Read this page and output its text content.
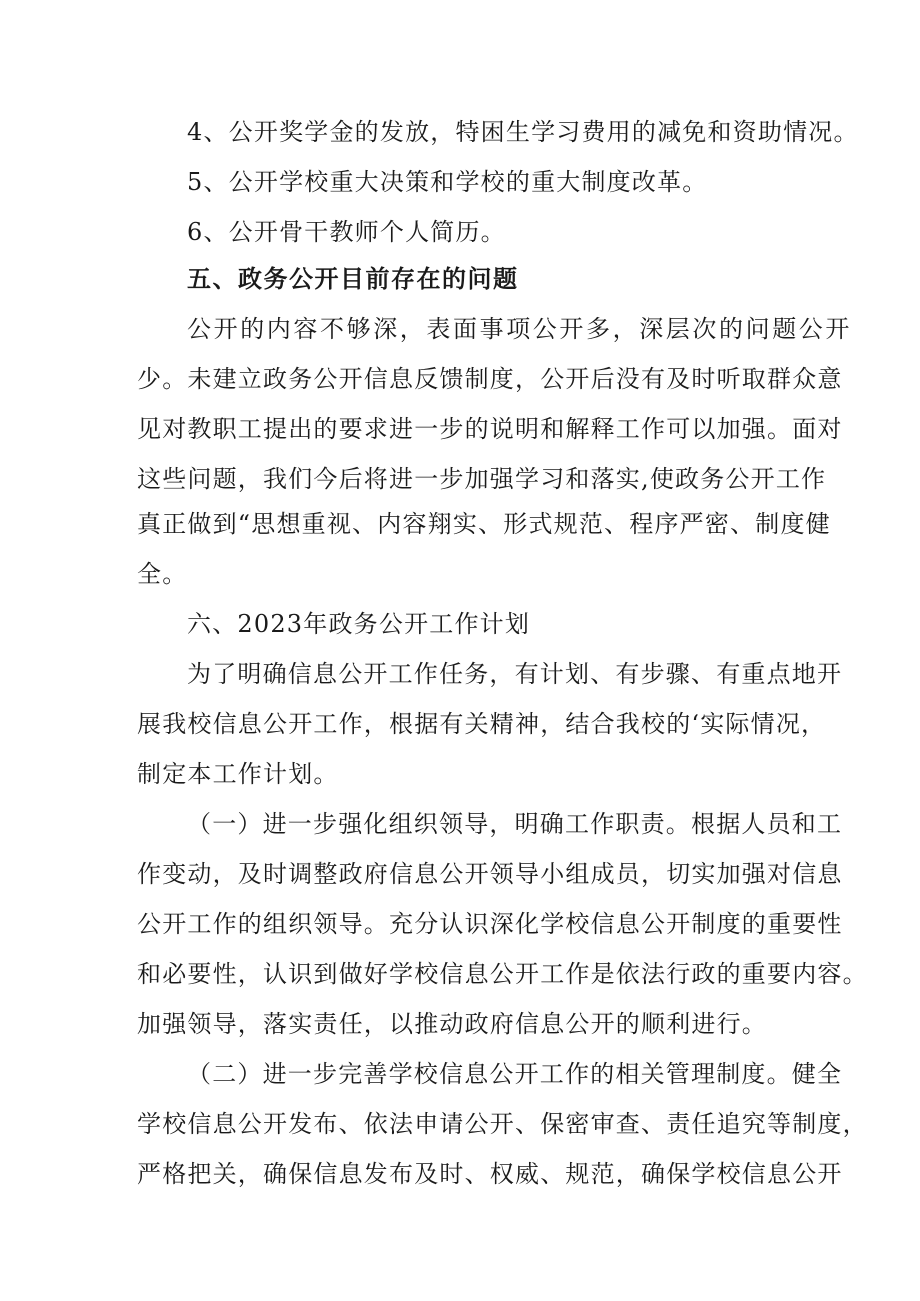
4、公开奖学金的发放，特困生学习费用的减免和资助情况。
5、公开学校重大决策和学校的重大制度改革。
6、公开骨干教师个人简历。
五、政务公开目前存在的问题
公开的内容不够深，表面事项公开多，深层次的问题公开
少。未建立政务公开信息反馈制度，公开后没有及时听取群众意
见对教职工提出的要求进一步的说明和解释工作可以加强。面对
这些问题，我们今后将进一步加强学习和落实,使政务公开工作
真正做到“思想重视、内容翔实、形式规范、程序严密、制度健
全。
六、2023年政务公开工作计划
为了明确信息公开工作任务，有计划、有步骤、有重点地开
展我校信息公开工作，根据有关精神，结合我校的‘实际情况，
制定本工作计划。
（一）进一步强化组织领导，明确工作职责。根据人员和工
作变动，及时调整政府信息公开领导小组成员，切实加强对信息
公开工作的组织领导。充分认识深化学校信息公开制度的重要性
和必要性，认识到做好学校信息公开工作是依法行政的重要内容。
加强领导，落实责任，以推动政府信息公开的顺利进行。
（二）进一步完善学校信息公开工作的相关管理制度。健全
学校信息公开发布、依法申请公开、保密审查、责任追究等制度，
严格把关，确保信息发布及时、权威、规范，确保学校信息公开
